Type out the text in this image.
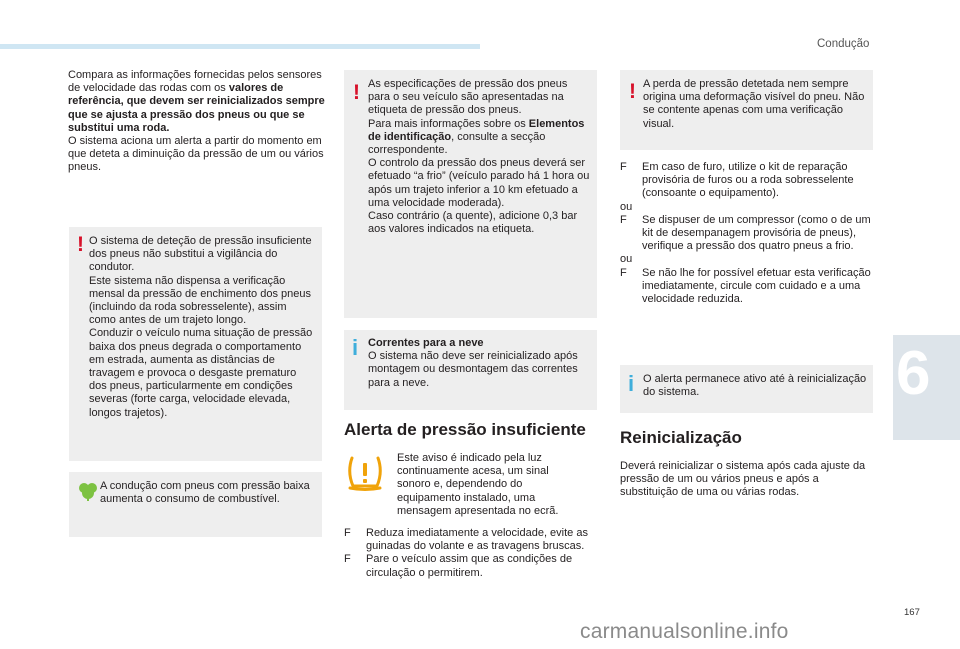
Condução
Compara as informações fornecidas pelos sensores de velocidade das rodas com os valores de referência, que devem ser reinicializados sempre que se ajusta a pressão dos pneus ou que se substitui uma roda.
O sistema aciona um alerta a partir do momento em que deteta a diminuição da pressão de um ou vários pneus.
! O sistema de deteção de pressão insuficiente dos pneus não substitui a vigilância do condutor.
Este sistema não dispensa a verificação mensal da pressão de enchimento dos pneus (incluindo da roda sobresselente), assim como antes de um trajeto longo.
Conduzir o veículo numa situação de pressão baixa dos pneus degrada o comportamento em estrada, aumenta as distâncias de travagem e provoca o desgaste prematuro dos pneus, particularmente em condições severas (forte carga, velocidade elevada, longos trajetos).
A condução com pneus com pressão baixa aumenta o consumo de combustível.
! As especificações de pressão dos pneus para o seu veículo são apresentadas na etiqueta de pressão dos pneus.
Para mais informações sobre os Elementos de identificação, consulte a secção correspondente.
O controlo da pressão dos pneus deverá ser efetuado “a frio” (veículo parado há 1 hora ou após um trajeto inferior a 10 km efetuado a uma velocidade moderada).
Caso contrário (a quente), adicione 0,3 bar aos valores indicados na etiqueta.
i Correntes para a neve
O sistema não deve ser reinicializado após montagem ou desmontagem das correntes para a neve.
Alerta de pressão insuficiente
Este aviso é indicado pela luz continuamente acesa, um sinal sonoro e, dependendo do equipamento instalado, uma mensagem apresentada no ecrã.
F Reduza imediatamente a velocidade, evite as guinadas do volante e as travagens bruscas.
F Pare o veículo assim que as condições de circulação o permitirem.
! A perda de pressão detetada nem sempre origina uma deformação visível do pneu. Não se contente apenas com uma verificação visual.
F Em caso de furo, utilize o kit de reparação provisória de furos ou a roda sobresselente (consoante o equipamento).
ou
F Se dispuser de um compressor (como o de um kit de desempanagem provisória de pneus), verifique a pressão dos quatro pneus a frio.
ou
F Se não lhe for possível efetuar esta verificação imediatamente, circule com cuidado e a uma velocidade reduzida.
i O alerta permanece ativo até à reinicialização do sistema.
Reinicialização
Deverá reinicializar o sistema após cada ajuste da pressão de um ou vários pneus e após a substituição de uma ou várias rodas.
6
167
carmanualsonline.info
